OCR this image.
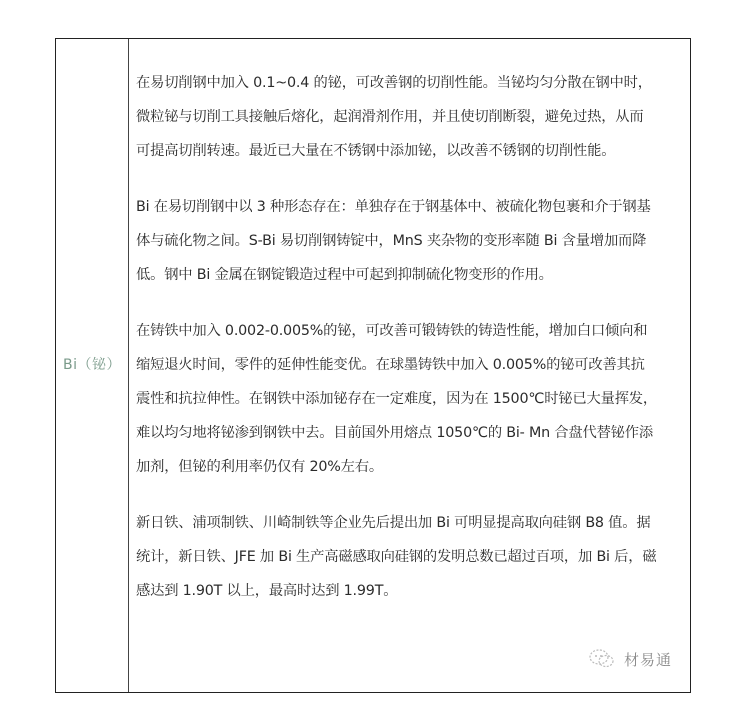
Bi（铋）
在易切削钢中加入 0.1~0.4 的铋，可改善钢的切削性能。当铋均匀分散在钢中时，
微粒铋与切削工具接触后熔化，起润滑剂作用，并且使切削断裂，避免过热，从而
可提高切削转速。最近已大量在不锈钢中添加铋，以改善不锈钢的切削性能。
Bi 在易切削钢中以 3 种形态存在：单独存在于钢基体中、被硫化物包裹和介于钢基
体与硫化物之间。S-Bi 易切削钢铸锭中，MnS 夹杂物的变形率随 Bi 含量增加而降
低。钢中 Bi 金属在钢锭锻造过程中可起到抑制硫化物变形的作用。
在铸铁中加入 0.002-0.005%的铋，可改善可锻铸铁的铸造性能，增加白口倾向和
缩短退火时间，零件的延伸性能变优。在球墨铸铁中加入 0.005%的铋可改善其抗
震性和抗拉伸性。在钢铁中添加铋存在一定难度，因为在 1500℃时铋已大量挥发，
难以均匀地将铋渗到钢铁中去。目前国外用熔点 1050℃的 Bi- Mn 合盘代替铋作添
加剂，但铋的利用率仍仅有 20%左右。
新日铁、浦项制铁、川崎制铁等企业先后提出加 Bi 可明显提高取向硅钢 B8 值。据
统计，新日铁、JFE 加 Bi 生产高磁感取向硅钢的发明总数已超过百项，加 Bi 后，磁
感达到 1.90T 以上，最高时达到 1.99T。
材易通
